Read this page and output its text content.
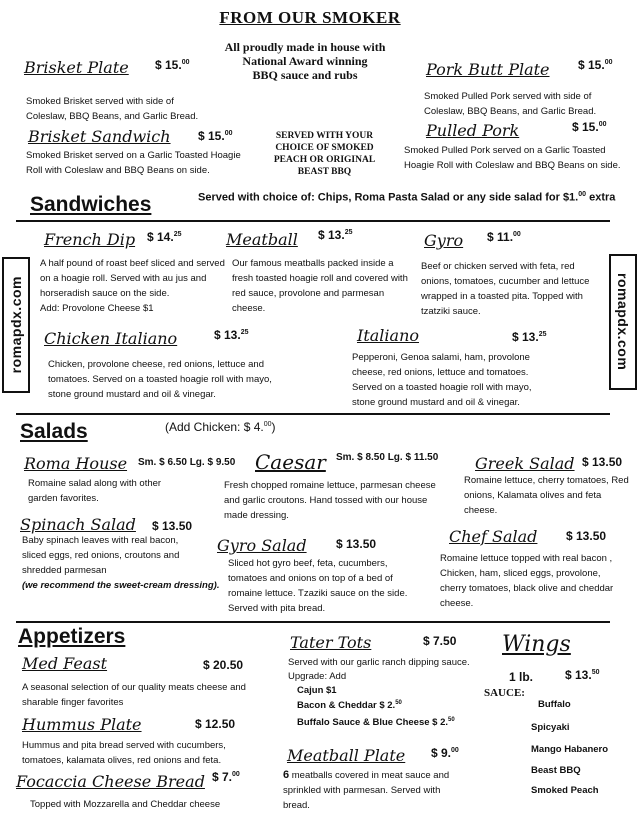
FROM OUR SMOKER
All proudly made in house with
National Award winning
BBQ sauce and rubs
Brisket Plate $ 15.00
Smoked Brisket served with side of Coleslaw, BBQ Beans, and Garlic Bread.
Brisket Sandwich $ 15.00
Smoked Brisket served on a Garlic Toasted Hoagie Roll with Coleslaw and BBQ Beans on side.
SERVED WITH YOUR CHOICE OF SMOKED PEACH OR ORIGINAL BEAST BBQ
Pork Butt Plate $ 15.00
Smoked Pulled Pork served with side of Coleslaw, BBQ Beans, and Garlic Bread.
Pulled Pork	$ 15.00
Smoked Pulled Pork served on a Garlic Toasted Hoagie Roll with Coleslaw and BBQ Beans on side.
Sandwiches	Served with choice of: Chips, Roma Pasta Salad or any side salad for $1.00 extra
romapdx.com	romapdx.com
French Dip $ 14.25
A half pound of roast beef sliced and served on a hoagie roll. Served with au jus and horseradish sauce on the side.
Add: Provolone Cheese $1
Meatball $ 13.25
Our famous meatballs packed inside a fresh toasted hoagie roll and covered with red sauce, provolone and parmesan cheese.
Gyro $ 11.00
Beef or chicken served with feta, red onions, tomatoes, cucumber and lettuce wrapped in a toasted pita. Topped with tzatziki sauce.
Chicken Italiano	$ 13.25
Chicken, provolone cheese, red onions, lettuce and tomatoes. Served on a toasted hoagie roll with mayo, stone ground mustard and oil & vinegar.
Italiano	$ 13.25
Pepperoni, Genoa salami, ham, provolone cheese, red onions, lettuce and tomatoes. Served on a toasted hoagie roll with mayo, stone ground mustard and oil & vinegar.
Salads	(Add Chicken: $ 4.00)
Roma House Sm. $ 6.50 Lg. $ 9.50
Romaine salad along with other garden favorites.
Caesar Sm. $ 8.50 Lg. $ 11.50
Fresh chopped romaine lettuce, parmesan cheese and garlic croutons. Hand tossed with our house made dressing.
Greek Salad $ 13.50
Romaine lettuce, cherry tomatoes, Red onions, Kalamata olives and feta cheese.
Spinach Salad $ 13.50
Baby spinach leaves with real bacon, sliced eggs, red onions, croutons and shredded parmesan
(we recommend the sweet-cream dressing).
Gyro Salad $ 13.50
Sliced hot gyro beef, feta, cucumbers, tomatoes and onions on top of a bed of romaine lettuce. Tzaziki sauce on the side. Served with pita bread.
Chef Salad $ 13.50
Romaine lettuce topped with real bacon , Chicken, ham, sliced eggs, provolone, cherry tomatoes, black olive and cheddar cheese.
Appetizers
Med Feast	$ 20.50
A seasonal selection of our quality meats cheese and sharable finger favorites
Hummus Plate	$ 12.50
Hummus and pita bread served with cucumbers, tomatoes, kalamata olives, red onions and feta.
Focaccia Cheese Bread $ 7.00
Topped with Mozzarella and Cheddar cheese
Tater Tots	$ 7.50
Served with our garlic ranch dipping sauce.
Upgrade: Add
Cajun $1
Bacon & Cheddar $ 2.50
Buffalo Sauce & Blue Cheese $ 2.50
Meatball Plate $ 9.00
6 meatballs covered in meat sauce and sprinkled with parmesan. Served with bread.
Wings
1 lb.	$ 13.50
SAUCE:
Buffalo
Spicyaki
Mango Habanero
Beast BBQ
Smoked Peach
